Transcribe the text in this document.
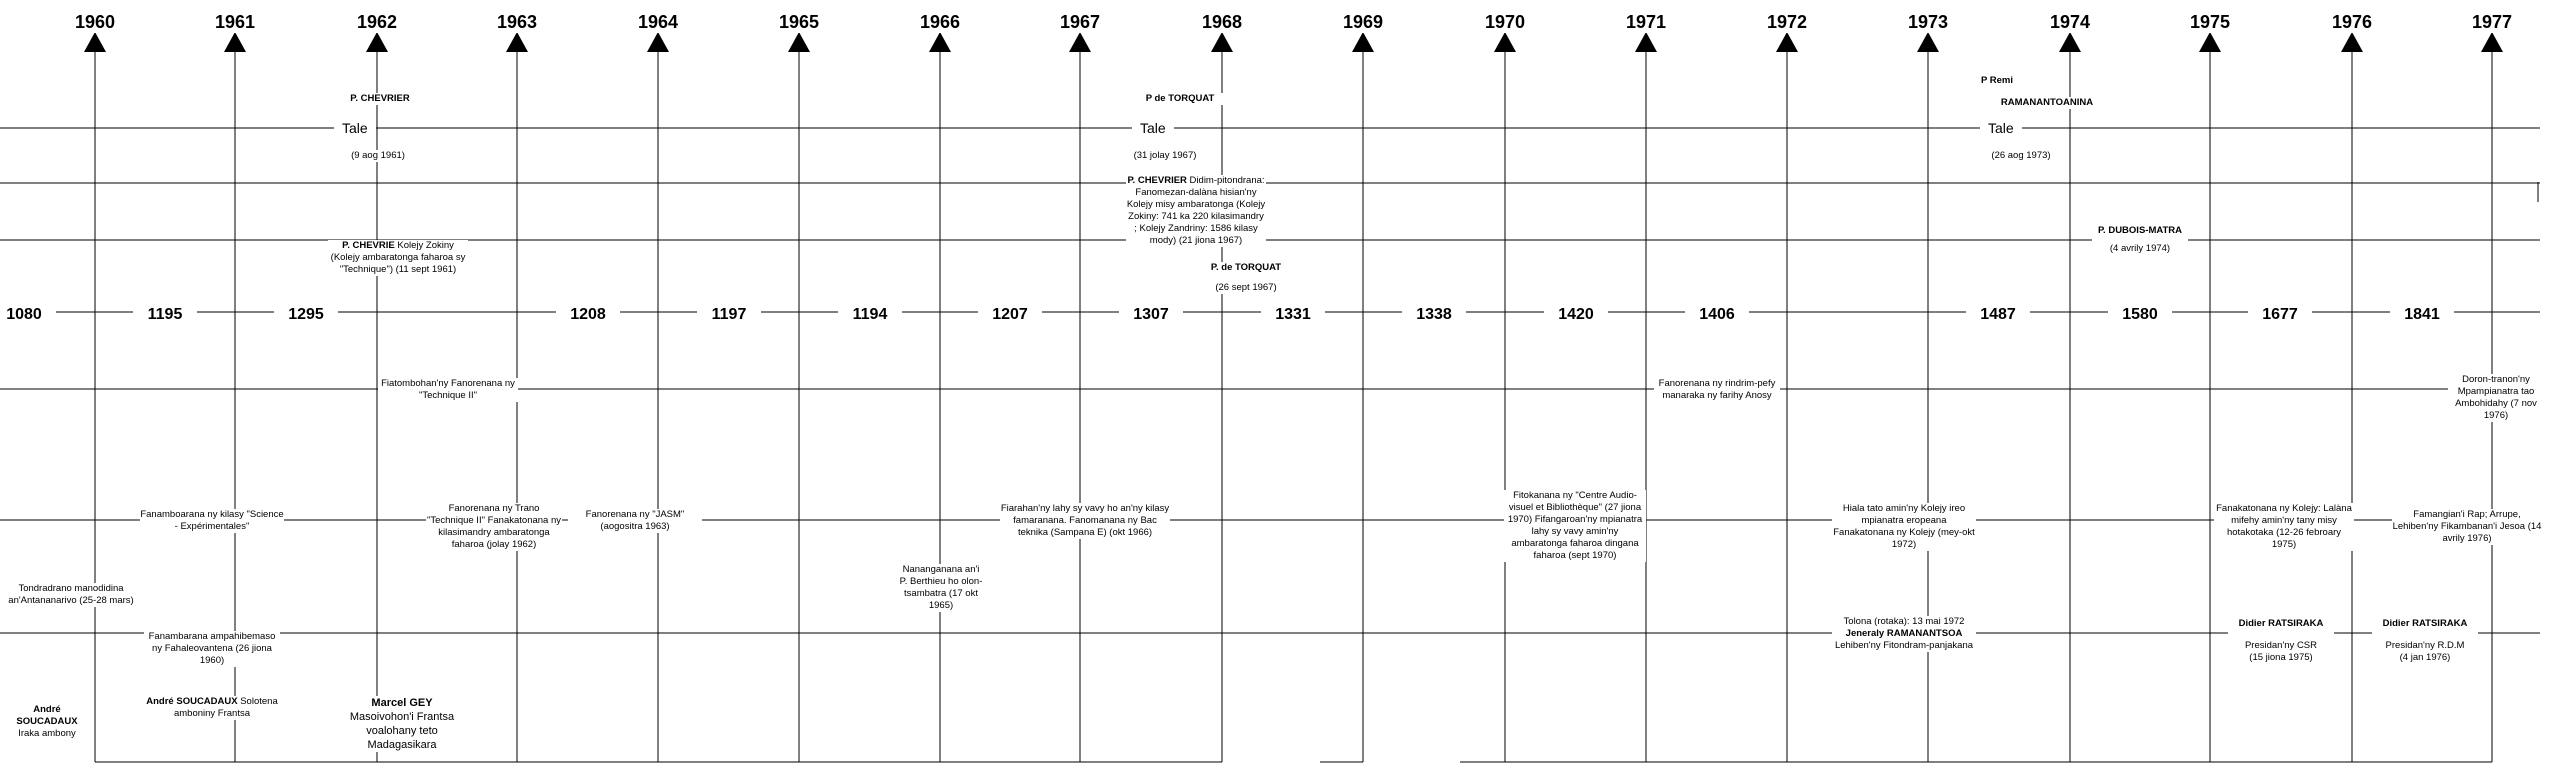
1960	1961	1962	1963	1964	1965	1966	1967	1968	1969	1970	1971	1972	1973	1974	1975	1976	1977
1080	1195	1295	1208	1197	1194	1207	1307	1331	1338	1420	1406	1487	1580	1677	1841
P. CHEVRIER
Tale
(9 aog 1961)
P de TORQUAT
Tale
(31 jolay 1967)
P Remi
RAMANANTOANINA
Tale
(26 aog 1973)
P. CHEVRIE Kolejy Zokiny (Kolejy ambaratonga faharoa sy "Technique") (11 sept 1961)
P. CHEVRIER Didim-pitondrana: Fanomezan-dalàna hisian'ny Kolejy misy ambaratonga (Kolejy Zokiny: 741 ka 220 kilasimandry ; Kolejy Zandriny: 1586 kilasy mody) (21 jiona 1967)
P. de TORQUAT
(26 sept 1967)
P. DUBOIS-MATRA
(4 avrily 1974)
Fiatombohan'ny Fanorenana ny "Technique II"
Fanorenana ny rindrim-pefy manaraka ny farihy Anosy
Doron-tranon'ny Mpampianatra tao Ambohidahy (7 nov 1976)
Fanamboarana ny kilasy "Science - Expérimentales"
Fanorenana ny Trano "Technique II" Fanakatonana ny kilasimandry ambaratonga faharoa (jolay 1962)
Fanorenana ny "JASM" (aogositra 1963)
Fiarahan'ny lahy sy vavy ho an'ny kilasy famaranana. Fanomanana ny Bac teknika (Sampana E) (okt 1966)
Fitokanana ny "Centre Audio-visuel et Bibliothèque" (27 jiona 1970) Fifangaroan'ny mpianatra lahy sy vavy amin'ny ambaratonga faharoa dingana faharoa (sept 1970)
Hiala tato amin'ny Kolejy ireo mpianatra eropeana Fanakatonana ny Kolejy (mey-okt 1972)
Fanakatonana ny Kolejy: Lalàna mifehy amin'ny tany misy hotakotaka (12-26 febroary 1975)
Famangian'i Rap; Arrupe, Lehiben'ny Fikambanan'i Jesoa (14 avrily 1976)
Tondradrano manodidina an'Antananarivo (25-28 mars)
Nananganana an'i P. Berthieu ho olon-tsambatra (17 okt 1965)
Fanambarana ampahibemaso ny Fahaleovantena (26 jiona 1960)
Tolona (rotaka): 13 mai 1972
Jeneraly RAMANANTSOA
Lehiben'ny Fitondram-panjakana
Didier RATSIRAKA
Presidan'ny CSR
(15 jiona 1975)
Didier RATSIRAKA
Presidan'ny R.D.M
(4 jan 1976)
André SOUCADAUX
Iraka ambony
André SOUCADAUX Solotena amboniny Frantsa
Marcel GEY Masoivohon'i Frantsa voalohany teto Madagasikara
